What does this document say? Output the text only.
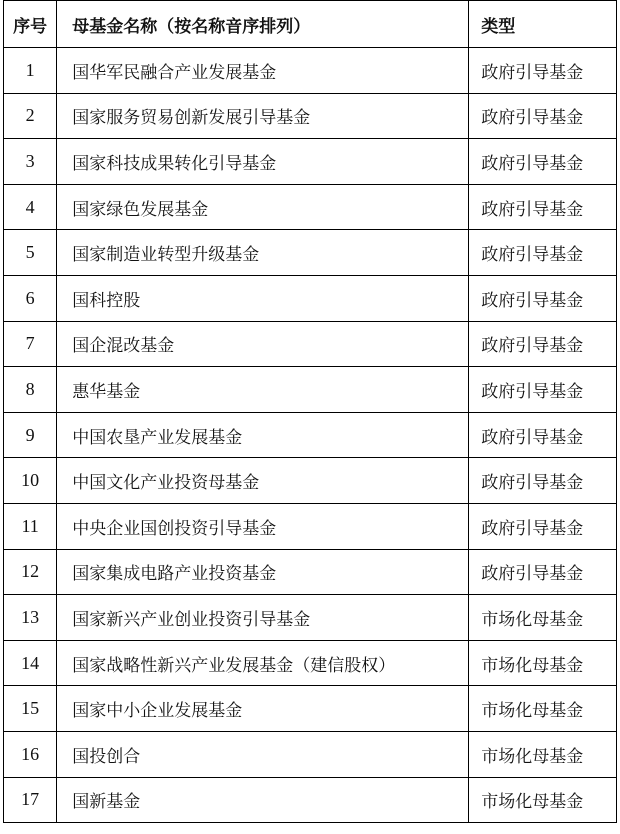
序号	母基金名称（按名称音序排列）	类型
1	国华军民融合产业发展基金	政府引导基金
2	国家服务贸易创新发展引导基金	政府引导基金
3	国家科技成果转化引导基金	政府引导基金
4	国家绿色发展基金	政府引导基金
5	国家制造业转型升级基金	政府引导基金
6	国科控股	政府引导基金
7	国企混改基金	政府引导基金
8	惠华基金	政府引导基金
9	中国农垦产业发展基金	政府引导基金
10	中国文化产业投资母基金	政府引导基金
11	中央企业国创投资引导基金	政府引导基金
12	国家集成电路产业投资基金	政府引导基金
13	国家新兴产业创业投资引导基金	市场化母基金
14	国家战略性新兴产业发展基金（建信股权）	市场化母基金
15	国家中小企业发展基金	市场化母基金
16	国投创合	市场化母基金
17	国新基金	市场化母基金
